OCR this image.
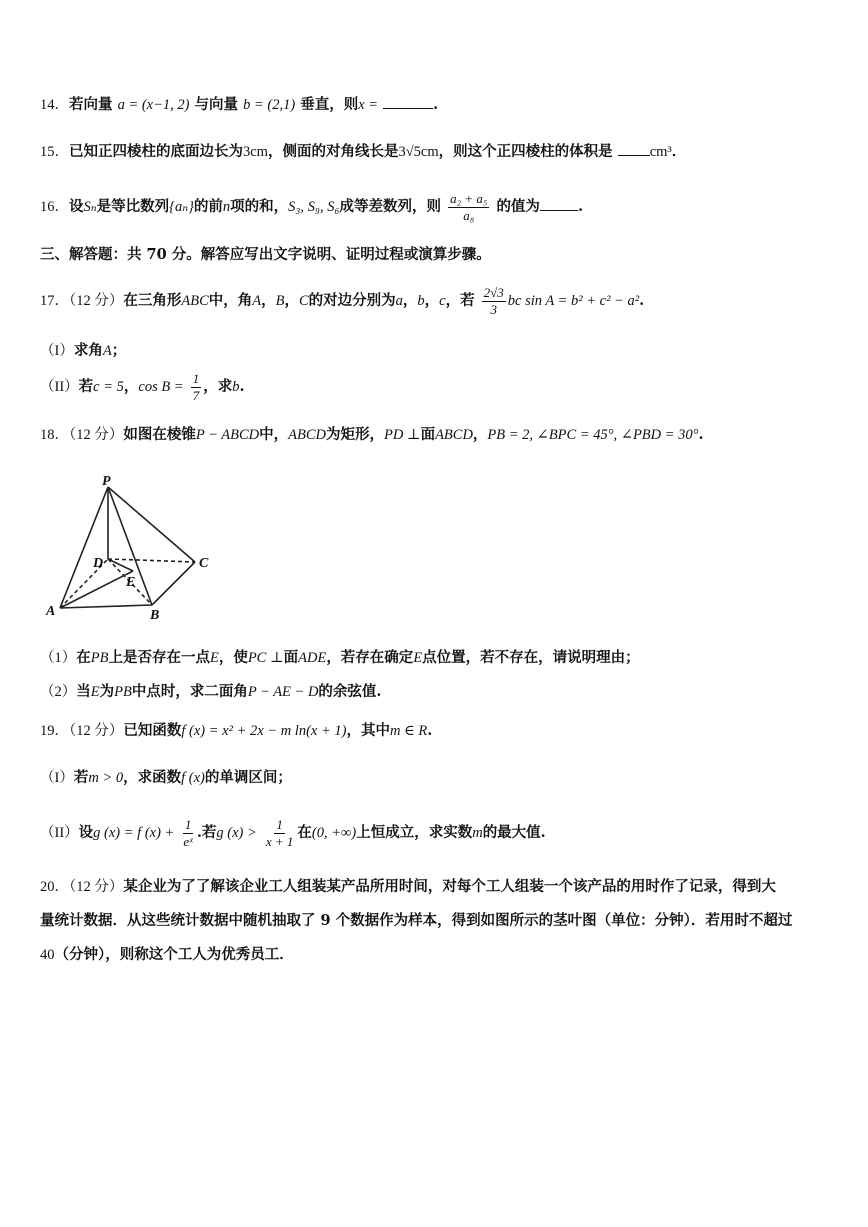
14．若向量 a = (x−1, 2) 与向量 b = (2,1) 垂直，则x =	.
15．已知正四棱柱的底面边长为3cm，侧面的对角线长是3√5cm，则这个正四棱柱的体积是	cm³．
16．设Sₙ是等比数列{aₙ}的前n项的和，S₃, S₉, S₆成等差数列，则 $\frac{\text{a₂ + a₅}}{\text{a₈}}$ 的值为	.
三、解答题：共 70 分。解答应写出文字说明、证明过程或演算步骤。
17．（12 分）在三角形ABC中，角A，B，C的对边分别为a，b，c，若 $\frac{2√3}{3}$ bc sin A = b² + c² − a².
（I）求角A；
（II）若c = 5，$\cos B = \frac{1}{7}$ ，求b.
18．（12 分）如图在棱锥P − ABCD中，ABCD为矩形，PD ⊥面ABCD，PB = 2, ∠BPC = 45°, ∠PBD = 30°.
P
D	C
E
A	B
（1）在PB上是否存在一点E，使PC ⊥面ADE，若存在确定E点位置，若不存在，请说明理由；
（2）当E为PB中点时，求二面角P − AE − D的余弦值.
19．（12 分）已知函数f (x) = x² + 2x − m ln(x + 1)，其中m ∈ R.
（I）若m > 0，求函数f (x)的单调区间；
（II）设g (x) = f $(x) + \frac{1}{\text{eˣ}}$ .若g $(x) > \frac{1}{x + 1}$ 在(0, +∞)上恒成立，求实数m的最大值.
20．（12 分）某企业为了了解该企业工人组装某产品所用时间，对每个工人组装一个该产品的用时作了记录，得到大
量统计数据．从这些统计数据中随机抽取了 9 个数据作为样本，得到如图所示的茎叶图（单位：分钟）．若用时不超过
40（分钟），则称这个工人为优秀员工．
